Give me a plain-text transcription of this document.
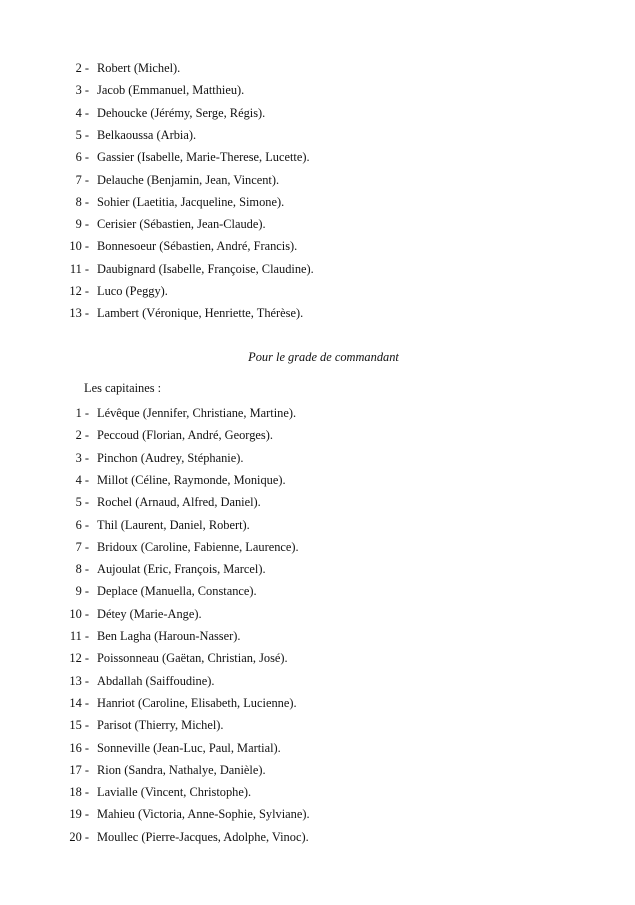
2 - Robert (Michel).
3 - Jacob (Emmanuel, Matthieu).
4 - Dehoucke (Jérémy, Serge, Régis).
5 - Belkaoussa (Arbia).
6 - Gassier (Isabelle, Marie-Therese, Lucette).
7 - Delauche (Benjamin, Jean, Vincent).
8 - Sohier (Laetitia, Jacqueline, Simone).
9 - Cerisier (Sébastien, Jean-Claude).
10 - Bonnesoeur (Sébastien, André, Francis).
11 - Daubignard (Isabelle, Françoise, Claudine).
12 - Luco (Peggy).
13 - Lambert (Véronique, Henriette, Thérèse).
Pour le grade de commandant
Les capitaines :
1 - Lévêque (Jennifer, Christiane, Martine).
2 - Peccoud (Florian, André, Georges).
3 - Pinchon (Audrey, Stéphanie).
4 - Millot (Céline, Raymonde, Monique).
5 - Rochel (Arnaud, Alfred, Daniel).
6 - Thil (Laurent, Daniel, Robert).
7 - Bridoux (Caroline, Fabienne, Laurence).
8 - Aujoulat (Eric, François, Marcel).
9 - Deplace (Manuella, Constance).
10 - Détey (Marie-Ange).
11 - Ben Lagha (Haroun-Nasser).
12 - Poissonneau (Gaëtan, Christian, José).
13 - Abdallah (Saiffoudine).
14 - Hanriot (Caroline, Elisabeth, Lucienne).
15 - Parisot (Thierry, Michel).
16 - Sonneville (Jean-Luc, Paul, Martial).
17 - Rion (Sandra, Nathalye, Danièle).
18 - Lavialle (Vincent, Christophe).
19 - Mahieu (Victoria, Anne-Sophie, Sylviane).
20 - Moullec (Pierre-Jacques, Adolphe, Vinoc).
